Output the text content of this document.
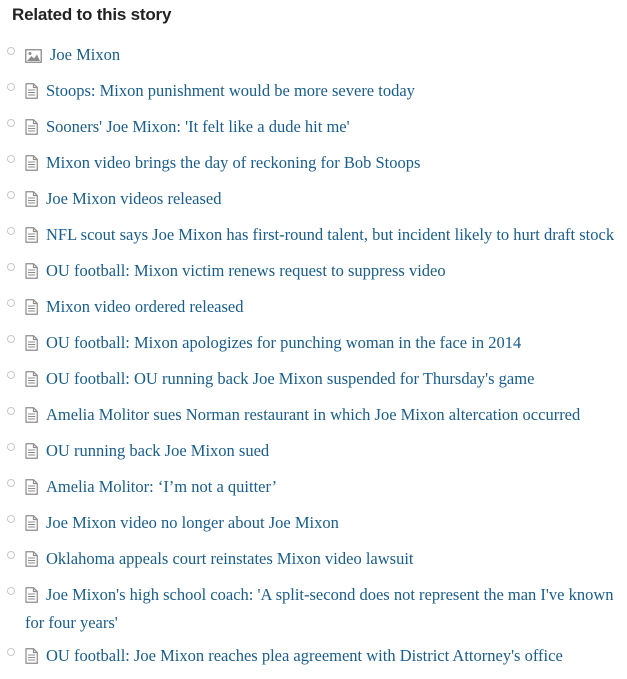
Related to this story
Joe Mixon
Stoops: Mixon punishment would be more severe today
Sooners' Joe Mixon: 'It felt like a dude hit me'
Mixon video brings the day of reckoning for Bob Stoops
Joe Mixon videos released
NFL scout says Joe Mixon has first-round talent, but incident likely to hurt draft stock
OU football: Mixon victim renews request to suppress video
Mixon video ordered released
OU football: Mixon apologizes for punching woman in the face in 2014
OU football: OU running back Joe Mixon suspended for Thursday's game
Amelia Molitor sues Norman restaurant in which Joe Mixon altercation occurred
OU running back Joe Mixon sued
Amelia Molitor: ‘I’m not a quitter’
Joe Mixon video no longer about Joe Mixon
Oklahoma appeals court reinstates Mixon video lawsuit
Joe Mixon's high school coach: 'A split-second does not represent the man I've known for four years'
OU football: Joe Mixon reaches plea agreement with District Attorney's office
